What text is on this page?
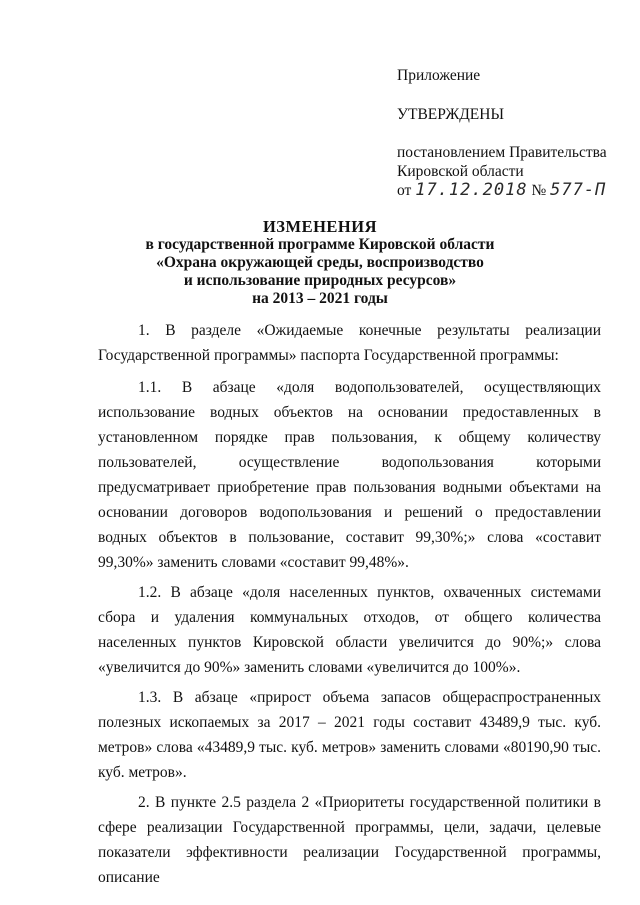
Приложение
УТВЕРЖДЕНЫ
постановлением Правительства
Кировской области
от 17.12.2018 № 577-П
ИЗМЕНЕНИЯ
в государственной программе Кировской области
«Охрана окружающей среды, воспроизводство
и использование природных ресурсов»
на 2013 – 2021 годы

1. В разделе «Ожидаемые конечные результаты реализации Государственной программы» паспорта Государственной программы:

1.1. В абзаце «доля водопользователей, осуществляющих использование водных объектов на основании предоставленных в установленном порядке прав пользования, к общему количеству пользователей, осуществление водопользования которыми предусматривает приобретение прав пользования водными объектами на основании договоров водопользования и решений о предоставлении водных объектов в пользование, составит 99,30%;» слова «составит 99,30%» заменить словами «составит 99,48%».

1.2. В абзаце «доля населенных пунктов, охваченных системами сбора и удаления коммунальных отходов, от общего количества населенных пунктов Кировской области увеличится до 90%;» слова «увеличится до 90%» заменить словами «увеличится до 100%».

1.3. В абзаце «прирост объема запасов общераспространенных полезных ископаемых за 2017 – 2021 годы составит 43489,9 тыс. куб. метров» слова «43489,9 тыс. куб. метров» заменить словами «80190,90 тыс. куб. метров».

2. В пункте 2.5 раздела 2 «Приоритеты государственной политики в сфере реализации Государственной программы, цели, задачи, целевые показатели эффективности реализации Государственной программы, описание
